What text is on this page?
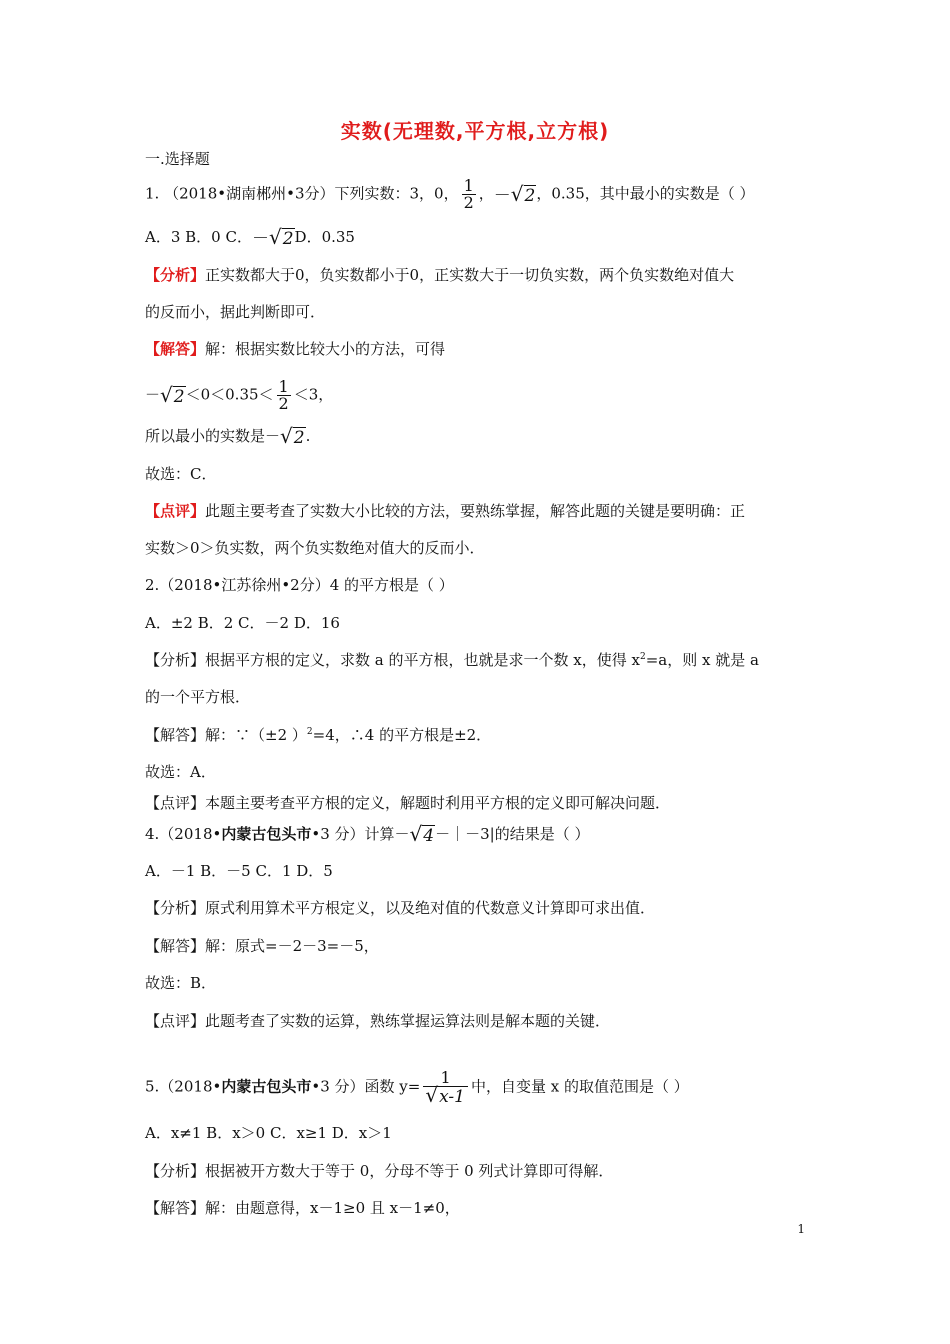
实数(无理数,平方根,立方根)
一.选择题
1. （2018•湖南郴州•3分）下列实数：3，0， $\frac{1}{2}$ ，－√2，0.35，其中最小的实数是（ ）
A．3 B．0 C．－√2D．0.35
【分析】正实数都大于0，负实数都小于0，正实数大于一切负实数，两个负实数绝对值大
的反而小，据此判断即可．
【解答】解：根据实数比较大小的方法，可得
$-√2<0<0.35< \frac{1}{2} <3$，
所以最小的实数是－√2.
故选：C．
【点评】此题主要考查了实数大小比较的方法，要熟练掌握，解答此题的关键是要明确：正
实数＞0＞负实数，两个负实数绝对值大的反而小．
2.（2018•江苏徐州•2分）4 的平方根是（ ）
A．±2 B．2 C．－2 D．16
【分析】根据平方根的定义，求数 a 的平方根，也就是求一个数 x，使得 $x^2=a$，则 x 就是 a
的一个平方根．
【解答】解：∵（±2 ）$^2$=4，∴4 的平方根是±2．
故选：A．
【点评】本题主要考查平方根的定义，解题时利用平方根的定义即可解决问题．
4.（2018•内蒙古包头市•3 分）计算－√4－｜－3|的结果是（ ）
A．－1 B．－5 C．1 D．5
【分析】原式利用算术平方根定义，以及绝对值的代数意义计算即可求出值．
【解答】解：原式=－2－3=－5，
故选：B．
【点评】此题考查了实数的运算，熟练掌握运算法则是解本题的关键．
5.（2018•内蒙古包头市•3 分）函数 $y= \frac{1}{√x-1}$ 中，自变量 x 的取值范围是（ ）
A．x≠1 B．x＞0 C．x≥1 D．x＞1
【分析】根据被开方数大于等于 0，分母不等于 0 列式计算即可得解．
【解答】解：由题意得，x－1≥0 且 x－1≠0，
1
